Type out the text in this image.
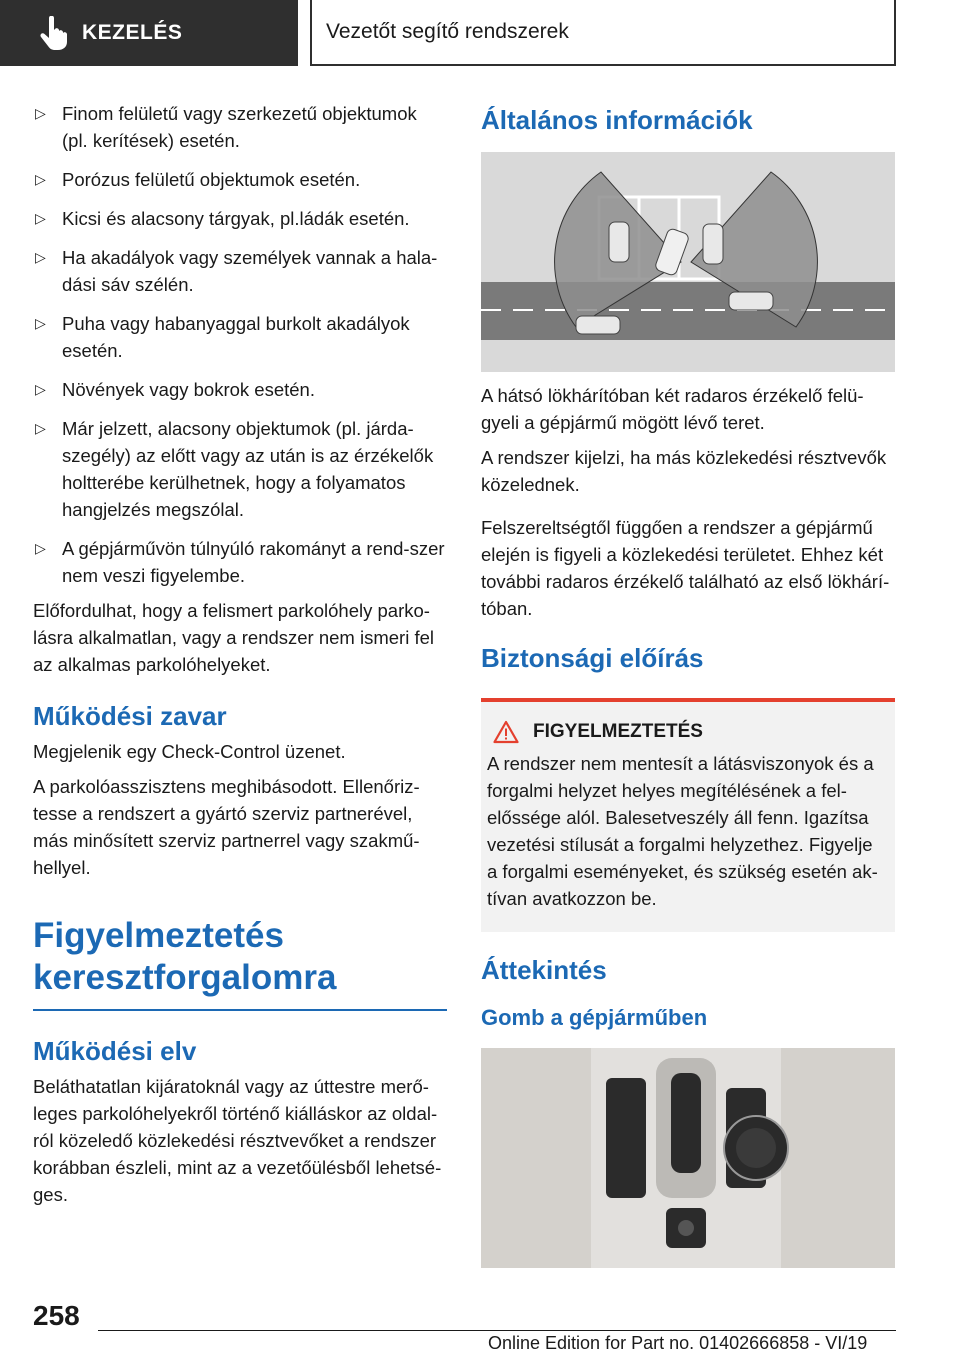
KEZELÉS	Vezetőt segítő rendszerek
▷ Finom felületű vagy szerkezetű objektumok (pl. kerítések) esetén.
▷ Porózus felületű objektumok esetén.
▷ Kicsi és alacsony tárgyak, pl.ládák esetén.
▷ Ha akadályok vagy személyek vannak a hala-dási sáv szélén.
▷ Puha vagy habanyaggal burkolt akadályok esetén.
▷ Növények vagy bokrok esetén.
▷ Már jelzett, alacsony objektumok (pl. járda-szegély) az előtt vagy az után is az érzékelők holtterébe kerülhetnek, hogy a folyamatos hangjelzés megszólal.
▷ A gépjárművön túlnyúló rakományt a rend-szer nem veszi figyelembe.

Előfordulhat, hogy a felismert parkolóhely parko-lásra alkalmatlan, vagy a rendszer nem ismeri fel az alkalmas parkolóhelyeket.

Működési zavar

Megjelenik egy Check-Control üzenet.

A parkolóasszisztens meghibásodott. Ellenőriz-tesse a rendszert a gyártó szerviz partnerével, más minősített szerviz partnerrel vagy szakmű-hellyel.

Figyelmeztetés
keresztforgalomra
Működési elv

Beláthatatlan kijáratoknál vagy az úttestre merő-leges parkolóhelyekről történő kiálláskor az oldal-ról közeledő közlekedési résztvevőket a rendszer korábban észleli, mint az a vezetőülésből lehetsé-ges.

Általános információk

A hátsó lökhárítóban két radaros érzékelő felü-gyeli a gépjármű mögött lévő teret.

A rendszer kijelzi, ha más közlekedési résztvevők közelednek.

Felszereltségtől függően a rendszer a gépjármű elején is figyeli a közlekedési területet. Ehhez két további radaros érzékelő található az első lökhárí-tóban.

Biztonsági előírás
FIGYELMEZTETÉS

A rendszer nem mentesít a látásviszonyok és a forgalmi helyzet helyes megítélésének a fel-előssége alól. Balesetveszély áll fenn. Igazítsa vezetési stílusát a forgalmi helyzethez. Figyelje a forgalmi eseményeket, és szükség esetén ak-tívan avatkozzon be.

Áttekintés
Gomb a gépjárműben
258
Online Edition for Part no. 01402666858 - VI/19
